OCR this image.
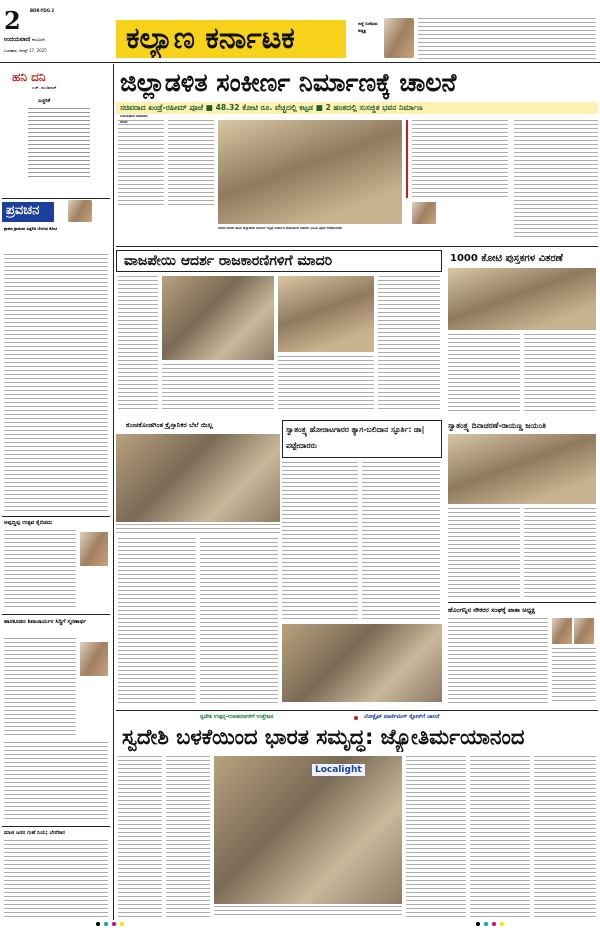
2 BDR-YDG 2
ಉದಯವಾಣಿ ಕಲಬುರಗಿ
ಬುಧವಾರ, ಆಗಸ್ಟ್ 17, 2025	ಕಲ್ಯಾಣ ಕರ್ನಾಟಕ	ಜಿಲ್ಲೆ ಬಿಜೆಪಿಯ ಅಧ್ಯಕ್ಷ
ಹನಿ ದನಿ
ಎಚ್. ಡುಂಡಿರಾಜ್
ಎಚ್ಚರಿಕೆ
ಪ್ರವಚನ
ಶ್ರಾವಣ ಶ್ರಾವಣದ ಹಿತ್ತಲಿನ ಬೆಳಗುವ ಕೋಟಿ
ಅಪ್ಪಣ್ಣಪ್ಪ ಉತ್ಸವ ಕೈಬಿಡದು
ಹಾರಕೂಡದ ಶಿವಾಚಾರ್ಯರ ಸಿದ್ಧಿಗೆ ಸ್ಮರಣಾರ್ಥ
ಮಾಜಿ ಜನನ ಗುಹೆ ನಿಯ; ಬೇರೆಸಾರ
ಜಿಲ್ಲಾಡಳಿತ ಸಂಕೀರ್ಣ ನಿರ್ಮಾಣಕ್ಕೆ ಚಾಲನೆ
ಸಚಿವರಾದ ಖಂಡ್ರೆ-ರಹೀಮ್ ಪೂಜೆ ■ 48.32 ಕೋಟಿ ರೂ. ವೆಚ್ಚದಲ್ಲಿ ಕಟ್ಟಡ ■ 2 ಹಂತದಲ್ಲಿ ಸುಸಜ್ಜಿತ ಭವನ ನಿರ್ಮಾಣ
ಬೀದರ ನಗರದ ಹೊಸ ಜಿಲ್ಲಾಡಳಿತ ಸಂಕೀರ್ಣ ಕಟ್ಟಡ ನಿರ್ಮಾಣ ಕಾಮಗಾರಿಗೆ ಸಚಿವರು ಭೂಮಿ ಪೂಜೆ ನೆರವೇರಿಸಿದರು
ವಾಜಪೇಯಿ ಆದರ್ಶ ರಾಜಕಾರಣಿಗಳಿಗೆ ಮಾದರಿ	1000 ಕೋಟಿ ಪುಸ್ತಕಗಳ ವಿತರಣೆ
ಕುಂಚಕೊಂಡಗಿಂತ ಕ್ರೈಸ್ತಾನಿಕರ ಬೆಲೆ ಯಿಲ್ಲ	ಸ್ವಾತಂತ್ರ್ಯ ಹೋರಾಟಗಾರರ ತ್ಯಾಗ-ಬಲಿದಾನ ಸ್ಫೂರ್ತಿ: ಡಾ| ಪಟ್ಟೇದಾರರು
ಸ್ವಾತಂತ್ರ್ಯ ದಿನಾಚರಣೆ-ರಾಯಣ್ಣ ಜಯಂತಿ
ಹೊಂಗನ್ನಿನ ನೌಕರರ ಸಂಘಕ್ಕೆ ಪಾತಾ ಅಧ್ಯಕ್ಷ
ಸ್ವದೇಶಿ ಉತ್ಪನ್ನ-ಉಪಕರಣಗಳಿಗೆ ಉತ್ತೇಜನ	ಲೋಕ್ಲೈಟ್ ಮಾರ್ಕೆಟಿಂಗ್ ಸ್ಟೋರ್‌ಗೆ ಚಾಲನೆ
ಸ್ವದೇಶಿ ಬಳಕೆಯಿಂದ ಭಾರತ ಸಮೃದ್ಧ: ಜ್ಯೋತಿರ್ಮಯಾನಂದ
Localight
ಬೀದರ
ಉದಯವಾಣಿ ಸಮಾಚಾರ
